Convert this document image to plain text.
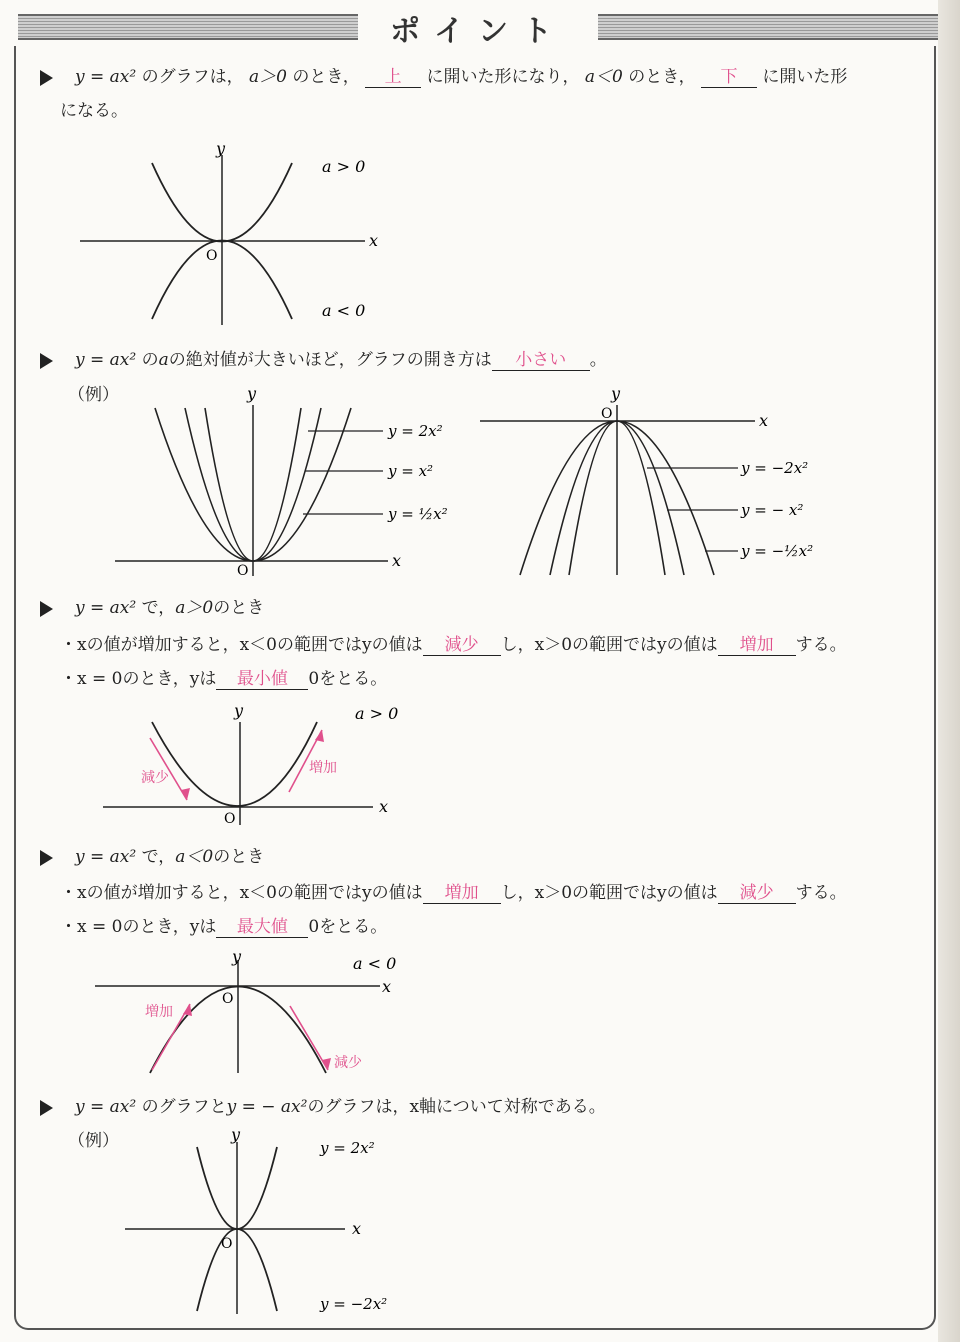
ポイント
y = ax² のグラフは， a＞0 のとき， 上 に開いた形になり， a＜0 のとき， 下 に開いた形
になる。
y
x
O
a > 0
a < 0
y = ax² のaの絶対値が大きいほど，グラフの開き方は 小さい 。
（例）	y
x
O
y = 2x²
y = x²
y = ½x²
y
x
O
y = −2x²
y = − x²
y = −½x²
y = ax² で，a＞0のとき
・xの値が増加すると，x＜0の範囲ではyの値は 減少 し，x＞0の範囲ではyの値は 増加 する。
・x = 0のとき，yは 最小値 0をとる。
y
x
O
a > 0
減少
増加
y = ax² で，a＜0のとき
・xの値が増加すると，x＜0の範囲ではyの値は 増加 し，x＞0の範囲ではyの値は 減少 する。
・x = 0のとき，yは 最大値 0をとる。
y
x
O
a < 0
増加
減少
y = ax² のグラフとy = − ax²のグラフは，x軸について対称である。
（例）	y
x
O
y = 2x²
y = −2x²
